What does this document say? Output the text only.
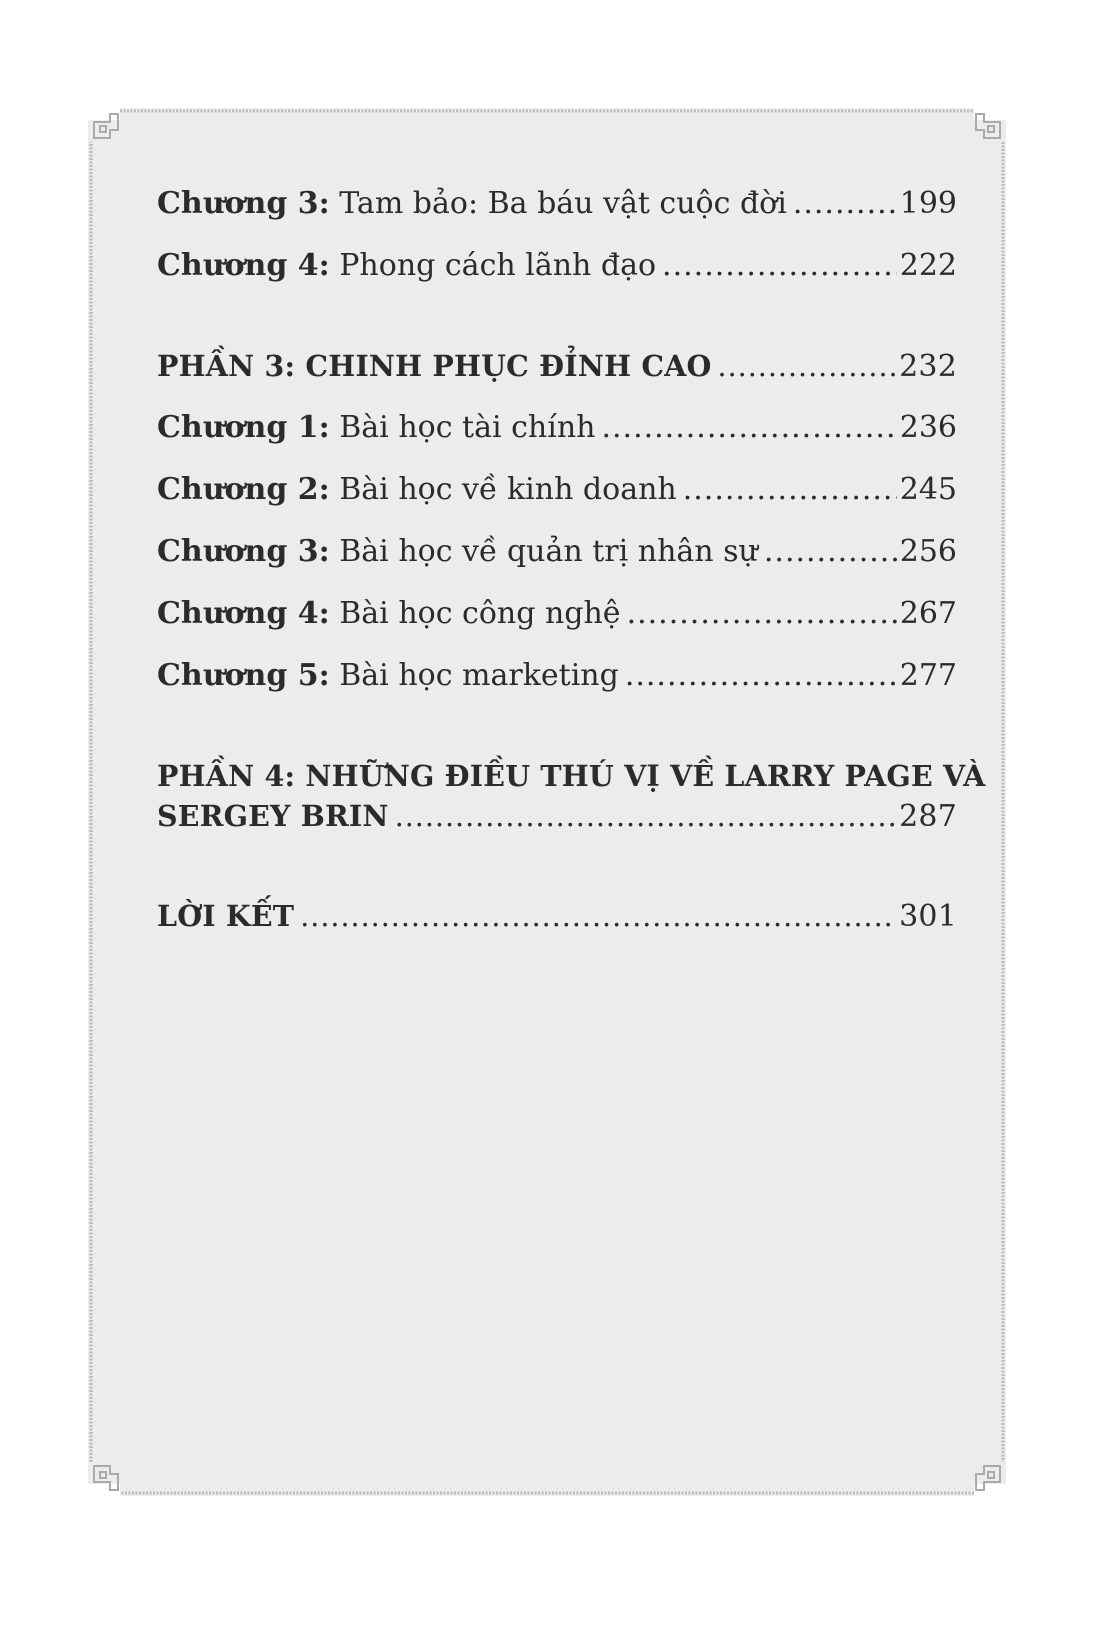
Chương 3: Tam bảo: Ba báu vật cuộc đời .....	199
Chương 4: Phong cách lãnh đạo .....	222
PHẦN 3: CHINH PHỤC ĐỈNH CAO .....	232
Chương 1: Bài học tài chính .....	236
Chương 2: Bài học về kinh doanh .....	245
Chương 3: Bài học về quản trị nhân sự .....	256
Chương 4: Bài học công nghệ .....	267
Chương 5: Bài học marketing .....	277
PHẦN 4: NHỮNG ĐIỀU THÚ VỊ VỀ LARRY PAGE VÀ
SERGEY BRIN .....	287
LỜI KẾT .....	301
